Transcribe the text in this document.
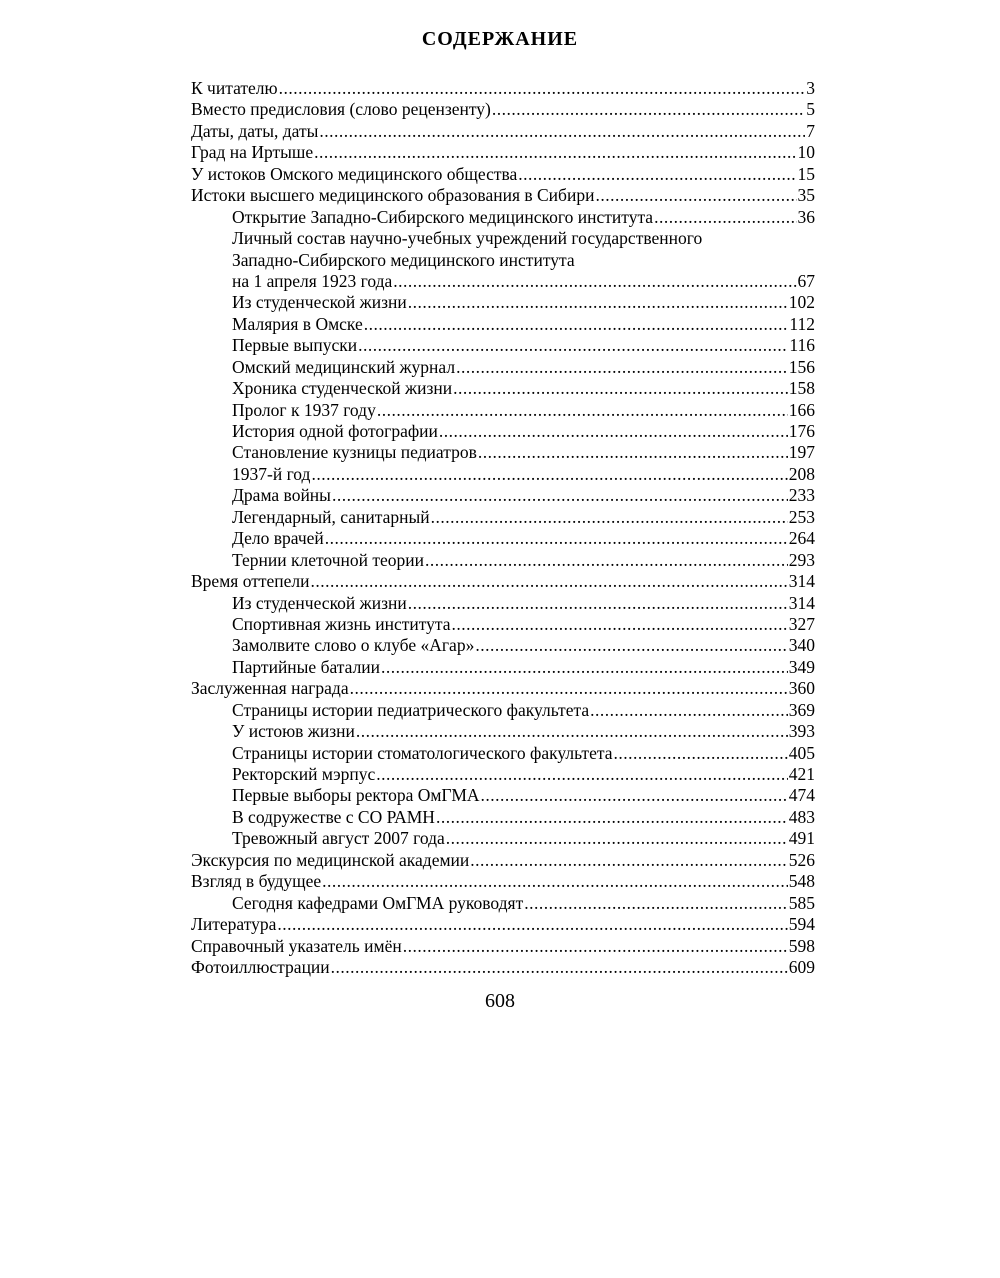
СОДЕРЖАНИЕ
К читателю .....	3
Вместо предисловия (слово рецензенту) .....	5
Даты, даты, даты .....	7
Град на Иртыше .....	10
У истоков Омского медицинского общества .....	15
Истоки высшего медицинского образования в Сибири .....	35
Открытие Западно-Сибирского медицинского института .....	36
Личный состав научно-учебных учреждений государственного
Западно-Сибирского медицинского института
на 1 апреля 1923 года .....	67
Из студенческой жизни .....	102
Малярия в Омске .....	112
Первые выпуски .....	116
Омский медицинский журнал .....	156
Хроника студенческой жизни .....	158
Пролог к 1937 году .....	166
История одной фотографии .....	176
Становление кузницы педиатров .....	197
1937-й год .....	208
Драма войны .....	233
Легендарный, санитарный .....	253
Дело врачей .....	264
Тернии клеточной теории .....	293
Время оттепели .....	314
Из студенческой жизни .....	314
Спортивная жизнь института .....	327
Замолвите слово о клубе «Агар» .....	340
Партийные баталии .....	349
Заслуженная награда .....	360
Страницы истории педиатрического факультета .....	369
У истоюв жизни .....	393
Страницы истории стоматологического факультета .....	405
Ректорский мэрпус .....	421
Первые выборы ректора ОмГМА .....	474
В содружестве с СО РАМН .....	483
Тревожный август 2007 года .....	491
Экскурсия по медицинской академии .....	526
Взгляд в будущее .....	548
Сегодня кафедрами ОмГМА руководят .....	585
Литература .....	594
Справочный указатель имён .....	598
Фотоиллюстрации .....	609
608
